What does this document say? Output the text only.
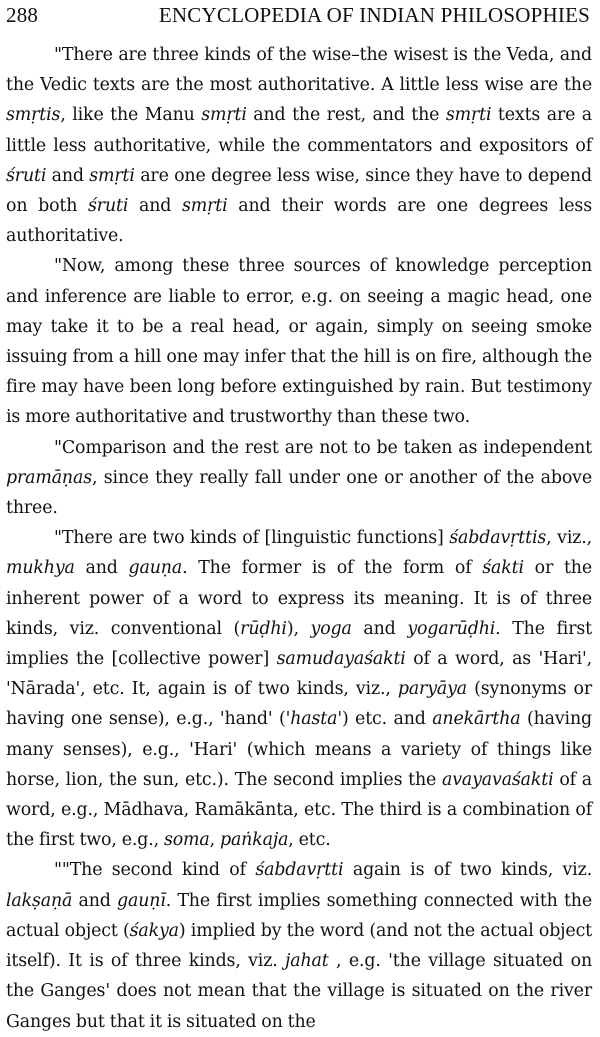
288	ENCYCLOPEDIA OF INDIAN PHILOSOPHIES

"There are three kinds of the wise–the wisest is the Veda, and the Vedic texts are the most authoritative. A little less wise are the smṛtis, like the Manu smṛti and the rest, and the smṛti texts are a little less authoritative, while the commentators and expositors of śruti and smṛti are one degree less wise, since they have to depend on both śruti and smṛti and their words are one degrees less authoritative.

"Now, among these three sources of knowledge perception and inference are liable to error, e.g. on seeing a magic head, one may take it to be a real head, or again, simply on seeing smoke issuing from a hill one may infer that the hill is on fire, although the fire may have been long before extinguished by rain. But testimony is more authoritative and trustworthy than these two.

"Comparison and the rest are not to be taken as independent pramāṇas, since they really fall under one or another of the above three.

"There are two kinds of [linguistic functions] śabdavṛttis, viz., mukhya and gauṇa. The former is of the form of śakti or the inherent power of a word to express its meaning. It is of three kinds, viz. conventional (rūḍhi), yoga and yogarūḍhi. The first implies the [collective power] samudayaśakti of a word, as 'Hari', 'Nārada', etc. It, again is of two kinds, viz., paryāya (synonyms or having one sense), e.g., 'hand' ('hasta') etc. and anekārtha (having many senses), e.g., 'Hari' (which means a variety of things like horse, lion, the sun, etc.). The second implies the avayavaśakti of a word, e.g., Mādhava, Ramākānta, etc. The third is a combination of the first two, e.g., soma, paṅkaja, etc.

""The second kind of śabdavṛtti again is of two kinds, viz. lakṣaṇā and gauṇī. The first implies something connected with the actual object (śakya) implied by the word (and not the actual object itself). It is of three kinds, viz. jahat , e.g. 'the village situated on the Ganges' does not mean that the village is situated on the river Ganges but that it is situated on the
